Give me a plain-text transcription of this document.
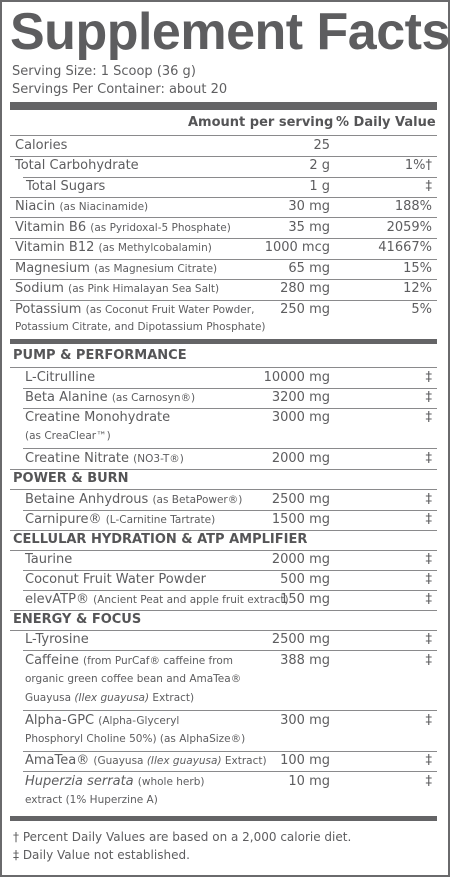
Supplement Facts
Serving Size: 1 Scoop (36 g)
Servings Per Container: about 20
Amount per serving % Daily Value
Calories	25
Total Carbohydrate	2 g	1%†
Total Sugars	1 g	‡
Niacin (as Niacinamide)	30 mg	188%
Vitamin B6 (as Pyridoxal-5 Phosphate)	35 mg	2059%
Vitamin B12 (as Methylcobalamin)	1000 mcg	41667%
Magnesium (as Magnesium Citrate)	65 mg	15%
Sodium (as Pink Himalayan Sea Salt)	280 mg	12%
Potassium (as Coconut Fruit Water Powder,
Potassium Citrate, and Dipotassium Phosphate)
250 mg	5%
PUMP & PERFORMANCE
L-Citrulline	10000 mg	‡
Beta Alanine (as Carnosyn®)	3200 mg	‡
Creatine Monohydrate
(as CreaClear™)
3000 mg	‡
Creatine Nitrate (NO3-T®)	2000 mg	‡
POWER & BURN
Betaine Anhydrous (as BetaPower®)	2500 mg	‡
Carnipure® (L-Carnitine Tartrate)	1500 mg	‡
CELLULAR HYDRATION & ATP AMPLIFIER
Taurine	2000 mg	‡
Coconut Fruit Water Powder	500 mg	‡
elevATP® (Ancient Peat and apple fruit extract)
150 mg	‡
ENERGY & FOCUS
L-Tyrosine	2500 mg	‡
Caffeine (from PurCaf® caffeine from
organic green coffee bean and AmaTea®
Guayusa (Ilex guayusa) Extract)
388 mg	‡
Alpha-GPC (Alpha-Glyceryl
Phosphoryl Choline 50%) (as AlphaSize®)
300 mg	‡
AmaTea® (Guayusa (Ilex guayusa) Extract)	100 mg	‡
Huperzia serrata (whole herb)
extract (1% Huperzine A)
10 mg	‡
† Percent Daily Values are based on a 2,000 calorie diet.
‡ Daily Value not established.
